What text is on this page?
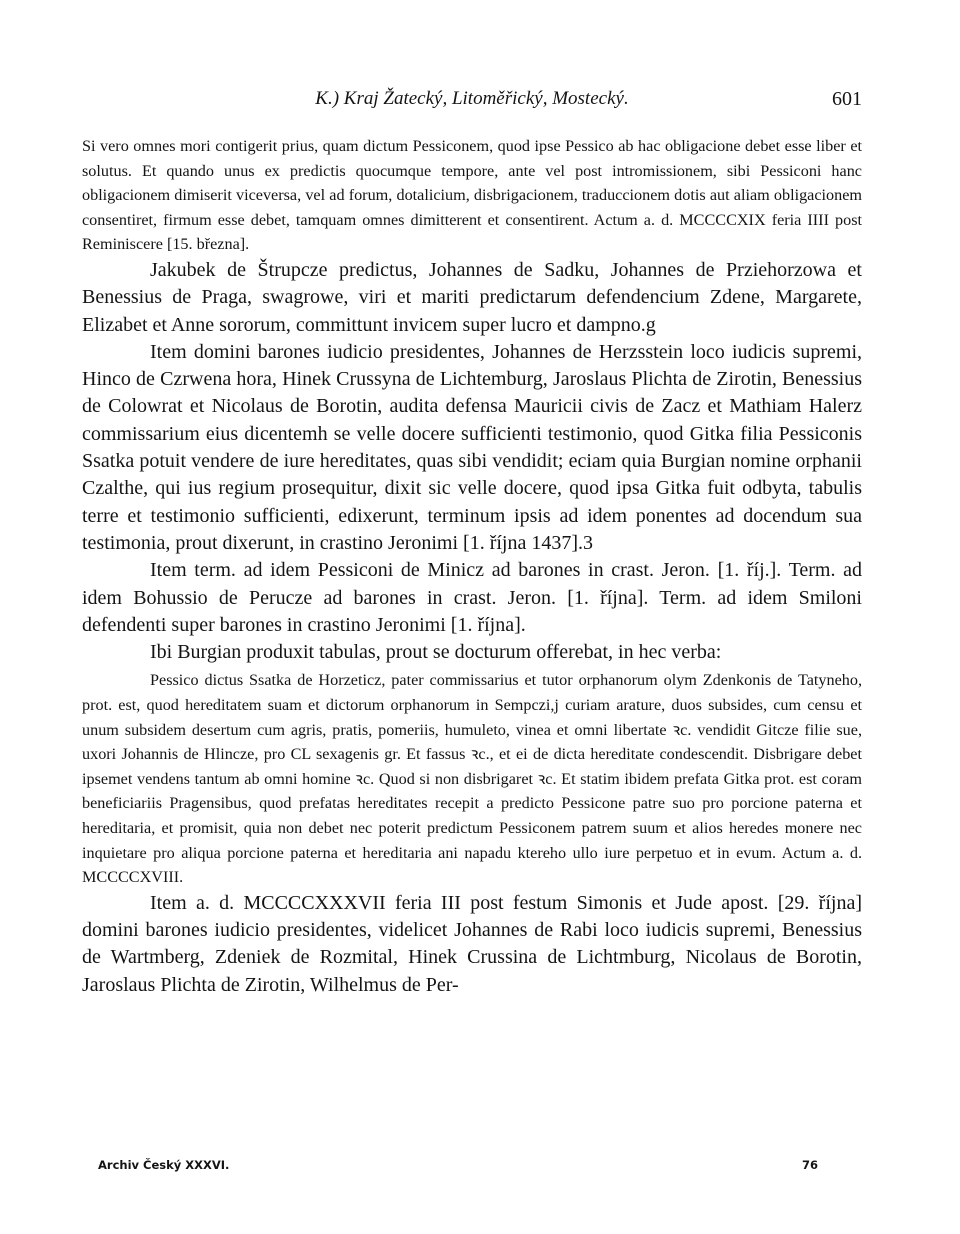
K.) Kraj Žatecký, Litoměřický, Mostecký.	601

Si vero omnes mori contigerit prius, quam dictum Pessiconem, quod ipse Pessico ab hac obligacione debet esse liber et solutus. Et quando unus ex predictis quocumque tempore, ante vel post intromissionem, sibi Pessiconi hanc obligacionem dimiserit viceversa, vel ad forum, dotalicium, disbrigacionem, traduccionem dotis aut aliam obligacionem consentiret, firmum esse debet, tamquam omnes dimitterent et consentirent. Actum a. d. MCCCCXIX feria IIII post Reminiscere [15. března].

Jakubek de Štrupcze predictus, Johannes de Sadku, Johannes de Prziehorzowa et Benessius de Praga, swagrowe, viri et mariti predictarum defendencium Zdene, Margarete, Elizabet et Anne sororum, committunt invicem super lucro et dampno.g

Item domini barones iudicio presidentes, Johannes de Herzsstein loco iudicis supremi, Hinco de Czrwena hora, Hinek Crussyna de Lichtemburg, Jaroslaus Plichta de Zirotin, Benessius de Colowrat et Nicolaus de Borotin, audita defensa Mauricii civis de Zacz et Mathiam Halerz commissarium eius dicentemh se velle docere sufficienti testimonio, quod Gitka filia Pessiconis Ssatka potuit vendere de iure hereditates, quas sibi vendidit; eciam quia Burgian nomine orphanii Czalthe, qui ius regium prosequitur, dixit sic velle docere, quod ipsa Gitka fuit odbyta, tabulis terre et testimonio sufficienti, edixerunt, terminum ipsis ad idem ponentes ad docendum sua testimonia, prout dixerunt, in crastino Jeronimi [1. října 1437].3

Item term. ad idem Pessiconi de Minicz ad barones in crast. Jeron. [1. říj.]. Term. ad idem Bohussio de Perucze ad barones in crast. Jeron. [1. října]. Term. ad idem Smiloni defendenti super barones in crastino Jeronimi [1. října].

Ibi Burgian produxit tabulas, prout se docturum offerebat, in hec verba:

Pessico dictus Ssatka de Horzeticz, pater commissarius et tutor orphanorum olym Zdenkonis de Tatyneho, prot. est, quod hereditatem suam et dictorum orphanorum in Sempczi,j curiam arature, duos subsides, cum censu et unum subsidem desertum cum agris, pratis, pomeriis, humuleto, vinea et omni libertate ꝛc. vendidit Gitcze filie sue, uxori Johannis de Hlincze, pro CL sexagenis gr. Et fassus ꝛc., et ei de dicta hereditate condescendit. Disbrigare debet ipsemet vendens tantum ab omni homine ꝛc. Quod si non disbrigaret ꝛc. Et statim ibidem prefata Gitka prot. est coram beneficiariis Pragensibus, quod prefatas hereditates recepit a predicto Pessicone patre suo pro porcione paterna et hereditaria, et promisit, quia non debet nec poterit predictum Pessiconem patrem suum et alios heredes monere nec inquietare pro aliqua porcione paterna et hereditaria ani napadu ktereho ullo iure perpetuo et in evum. Actum a. d. MCCCCXVIII.

Item a. d. MCCCCXXXVII feria III post festum Simonis et Jude apost. [29. října] domini barones iudicio presidentes, videlicet Johannes de Rabi loco iudicis supremi, Benessius de Wartmberg, Zdeniek de Rozmital, Hinek Crussina de Lichtmburg, Nicolaus de Borotin, Jaroslaus Plichta de Zirotin, Wilhelmus de Per-

Archiv Český XXXVI.	76
